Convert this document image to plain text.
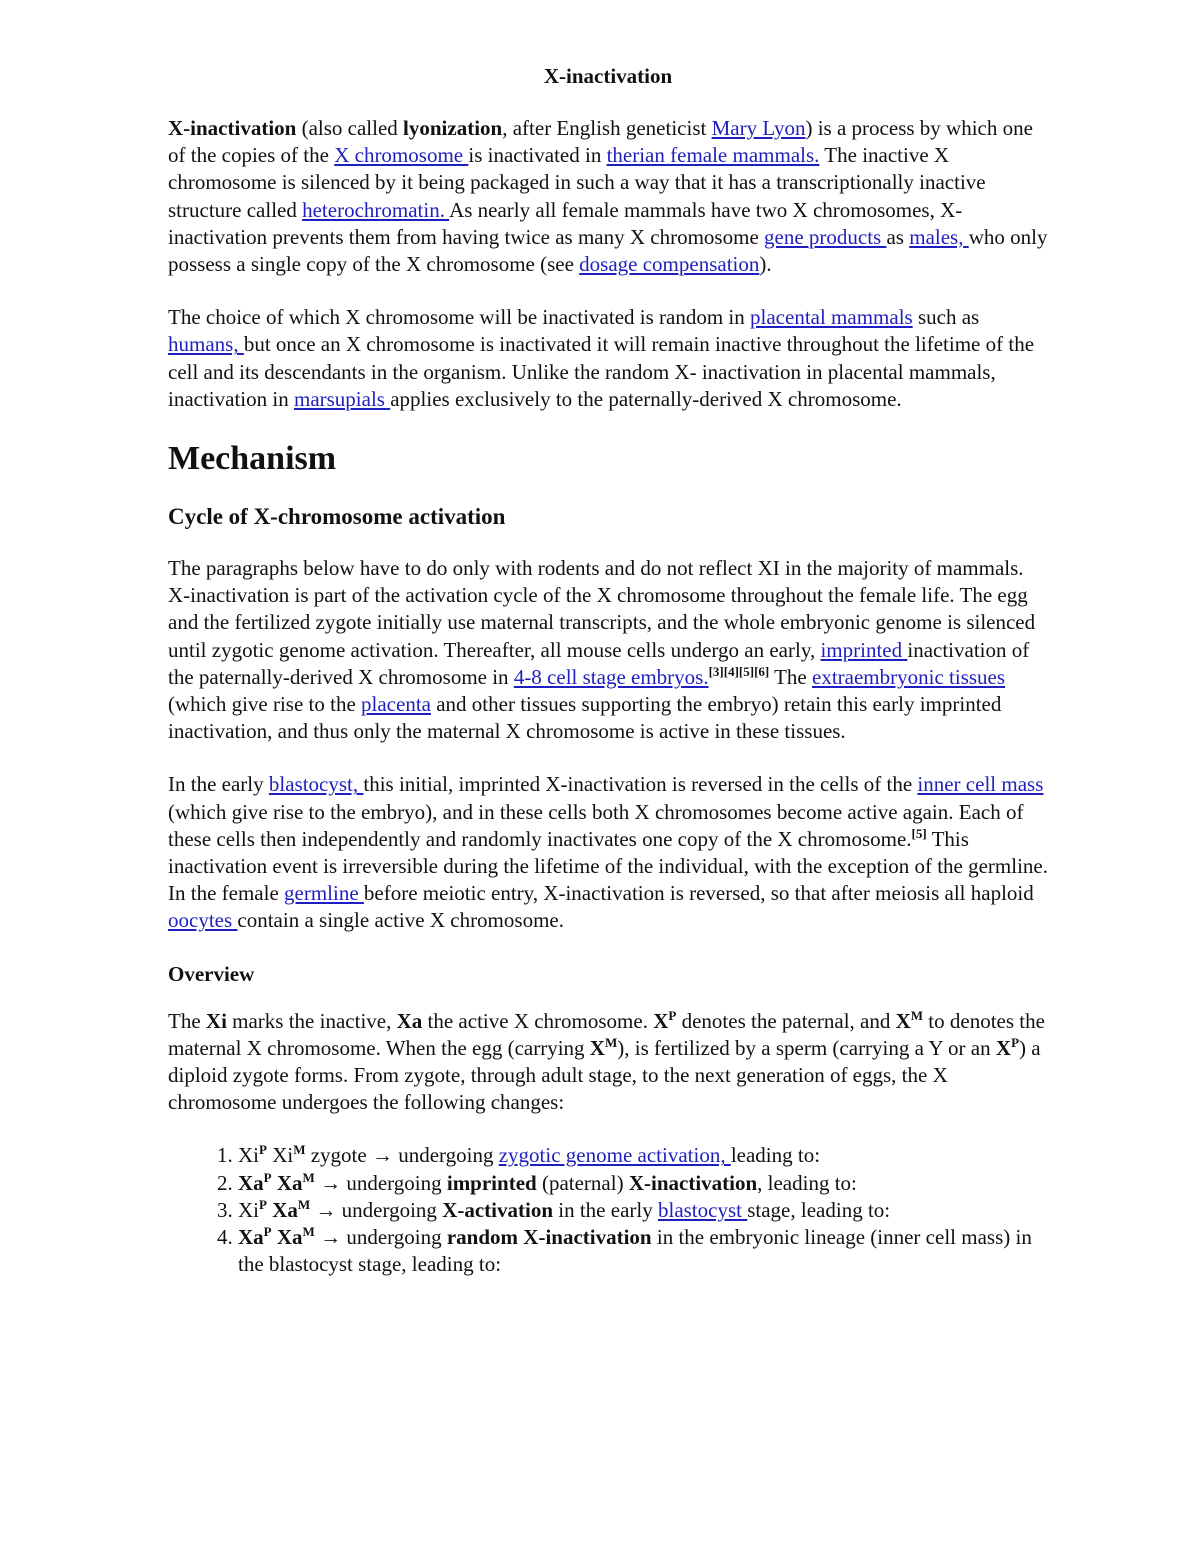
X-inactivation

X-inactivation (also called lyonization, after English geneticist Mary Lyon) is a process by which one of the copies of the X chromosome is inactivated in therian female mammals. The inactive X chromosome is silenced by it being packaged in such a way that it has a transcriptionally inactive structure called heterochromatin. As nearly all female mammals have two X chromosomes, X-inactivation prevents them from having twice as many X chromosome gene products as males, who only possess a single copy of the X chromosome (see dosage compensation).

The choice of which X chromosome will be inactivated is random in placental mammals such as humans, but once an X chromosome is inactivated it will remain inactive throughout the lifetime of the cell and its descendants in the organism. Unlike the random X- inactivation in placental mammals, inactivation in marsupials applies exclusively to the paternally-derived X chromosome.

Mechanism
Cycle of X-chromosome activation

The paragraphs below have to do only with rodents and do not reflect XI in the majority of mammals. X-inactivation is part of the activation cycle of the X chromosome throughout the female life. The egg and the fertilized zygote initially use maternal transcripts, and the whole embryonic genome is silenced until zygotic genome activation. Thereafter, all mouse cells undergo an early, imprinted inactivation of the paternally-derived X chromosome in 4-8 cell stage embryos.[3][4][5][6] The extraembryonic tissues (which give rise to the placenta and other tissues supporting the embryo) retain this early imprinted inactivation, and thus only the maternal X chromosome is active in these tissues.

In the early blastocyst, this initial, imprinted X-inactivation is reversed in the cells of the inner cell mass (which give rise to the embryo), and in these cells both X chromosomes become active again. Each of these cells then independently and randomly inactivates one copy of the X chromosome.[5] This inactivation event is irreversible during the lifetime of the individual, with the exception of the germline. In the female germline before meiotic entry, X-inactivation is reversed, so that after meiosis all haploid oocytes contain a single active X chromosome.

Overview

The Xi marks the inactive, Xa the active X chromosome. $X^P$ denotes the paternal, and $X^M$ to denotes the maternal X chromosome. When the egg (carrying $X^M$), is fertilized by a sperm (carrying a Y or an $X^P$) a diploid zygote forms. From zygote, through adult stage, to the next generation of eggs, the X chromosome undergoes the following changes:

1. $Xi^P$ $Xi^M$ zygote → undergoing zygotic genome activation, leading to:
2. $Xa^P$ $Xa^M$ → undergoing imprinted (paternal) X-inactivation, leading to:
3. $Xi^P$ $Xa^M$ → undergoing X-activation in the early blastocyst stage, leading to:
4. $Xa^P$ $Xa^M$ → undergoing random X-inactivation in the embryonic lineage (inner cell mass) in the blastocyst stage, leading to:
